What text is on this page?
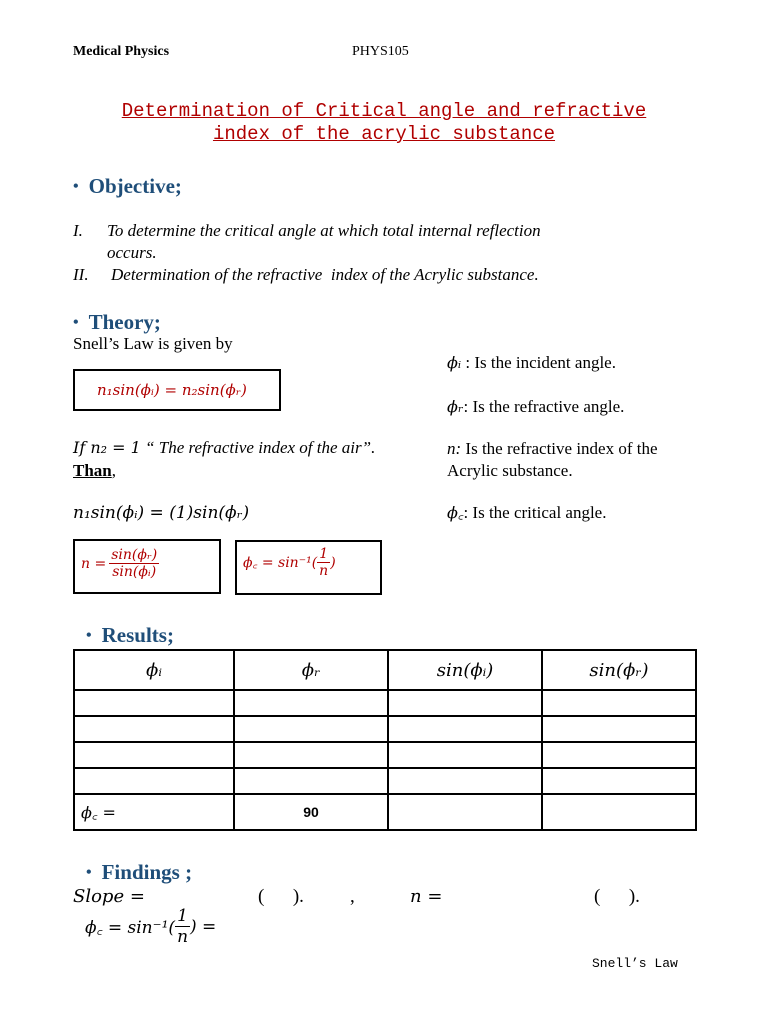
Medical Physics	PHYS105
Determination of Critical angle and refractive
index of the acrylic substance
• Objective;
I. To determine the critical angle at which total internal reflection
occurs.
II. Determination of the refractive  index of the Acrylic substance.
• Theory;
Snell’s Law is given by
n₁sin(ϕᵢ) = n₂sin(ϕᵣ)
If n₂ = 1 “ The refractive index of the air”.
Than,
n₁sin(ϕᵢ) = (1)sin(ϕᵣ)
$n = \frac{\text{sin(ϕᵣ)}}{\text{sin(ϕᵢ)}}$	ϕ꜀ = $\sin^{-1}( \frac{1}{n}$ )
ϕᵢ : Is the incident angle.
ϕᵣ: Is the refractive angle.
n: Is the refractive index of the
Acrylic substance.
ϕ꜀: Is the critical angle.
• Results;
ϕᵢ	ϕᵣ	sin(ϕᵢ)	sin(ϕᵣ)

ϕ꜀ =	90		
• Findings ;
Slope =	(      ). ,	n =	(      ).
ϕ꜀ = $\sin^{-1}( \frac{1}{n}$ ) =
Snell’s Law
